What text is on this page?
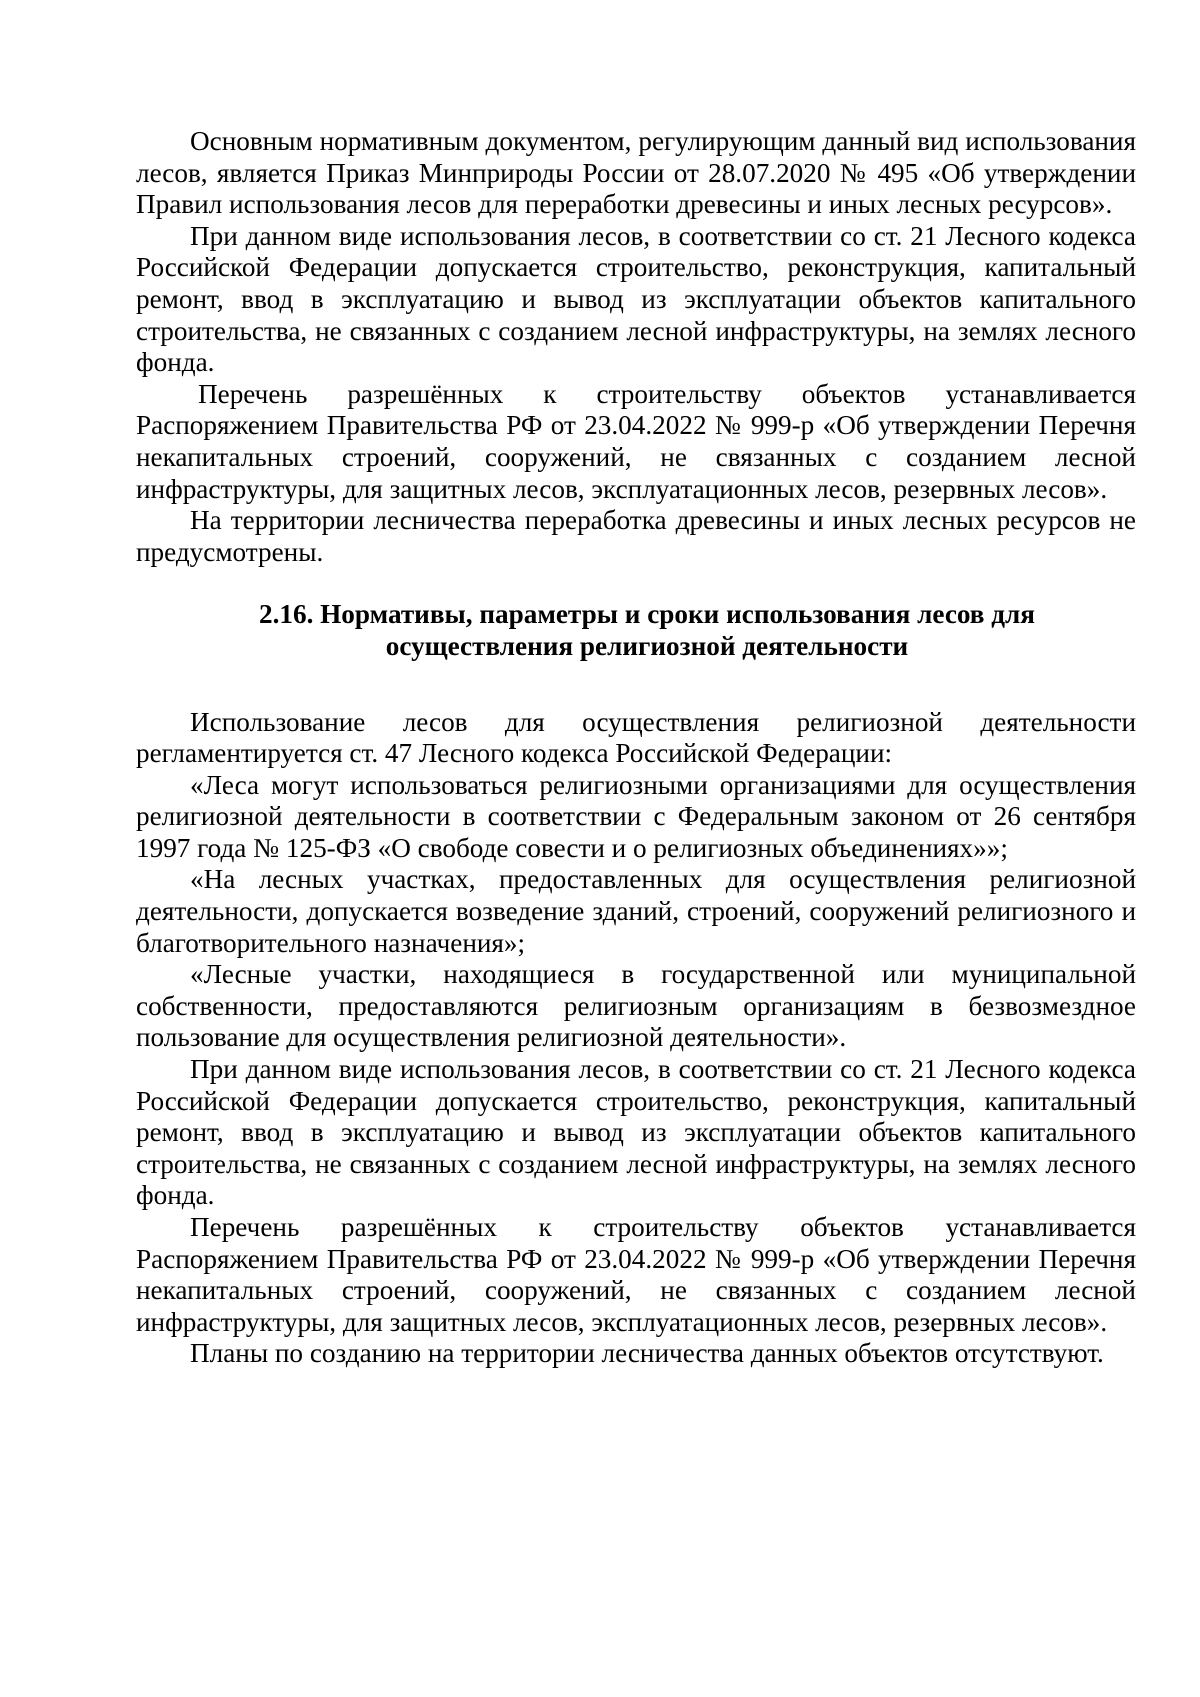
Основным нормативным документом, регулирующим данный вид использования лесов, является Приказ Минприроды России от 28.07.2020 № 495 «Об утверждении Правил использования лесов для переработки древесины и иных лесных ресурсов».

При данном виде использования лесов, в соответствии со ст. 21 Лесного кодекса Российской Федерации допускается строительство, реконструкция, капитальный ремонт, ввод в эксплуатацию и вывод из эксплуатации объектов капитального строительства, не связанных с созданием лесной инфраструктуры, на землях лесного фонда.

Перечень разрешённых к строительству объектов устанавливается Распоряжением Правительства РФ от 23.04.2022 № 999-р «Об утверждении Перечня некапитальных строений, сооружений, не связанных с созданием лесной инфраструктуры, для защитных лесов, эксплуатационных лесов, резервных лесов».

На территории лесничества переработка древесины и иных лесных ресурсов не предусмотрены.

2.16. Нормативы, параметры и сроки использования лесов для
осуществления религиозной деятельности

Использование лесов для осуществления религиозной деятельности регламентируется ст. 47 Лесного кодекса Российской Федерации:

«Леса могут использоваться религиозными организациями для осуществления религиозной деятельности в соответствии с Федеральным законом от 26 сентября 1997 года № 125-ФЗ «О свободе совести и о религиозных объединениях»»;

«На лесных участках, предоставленных для осуществления религиозной деятельности, допускается возведение зданий, строений, сооружений религиозного и благотворительного назначения»;

«Лесные участки, находящиеся в государственной или муниципальной собственности, предоставляются религиозным организациям в безвозмездное пользование для осуществления религиозной деятельности».

При данном виде использования лесов, в соответствии со ст. 21 Лесного кодекса Российской Федерации допускается строительство, реконструкция, капитальный ремонт, ввод в эксплуатацию и вывод из эксплуатации объектов капитального строительства, не связанных с созданием лесной инфраструктуры, на землях лесного фонда.

Перечень разрешённых к строительству объектов устанавливается Распоряжением Правительства РФ от 23.04.2022 № 999-р «Об утверждении Перечня некапитальных строений, сооружений, не связанных с созданием лесной инфраструктуры, для защитных лесов, эксплуатационных лесов, резервных лесов».

Планы по созданию на территории лесничества данных объектов отсутствуют.
